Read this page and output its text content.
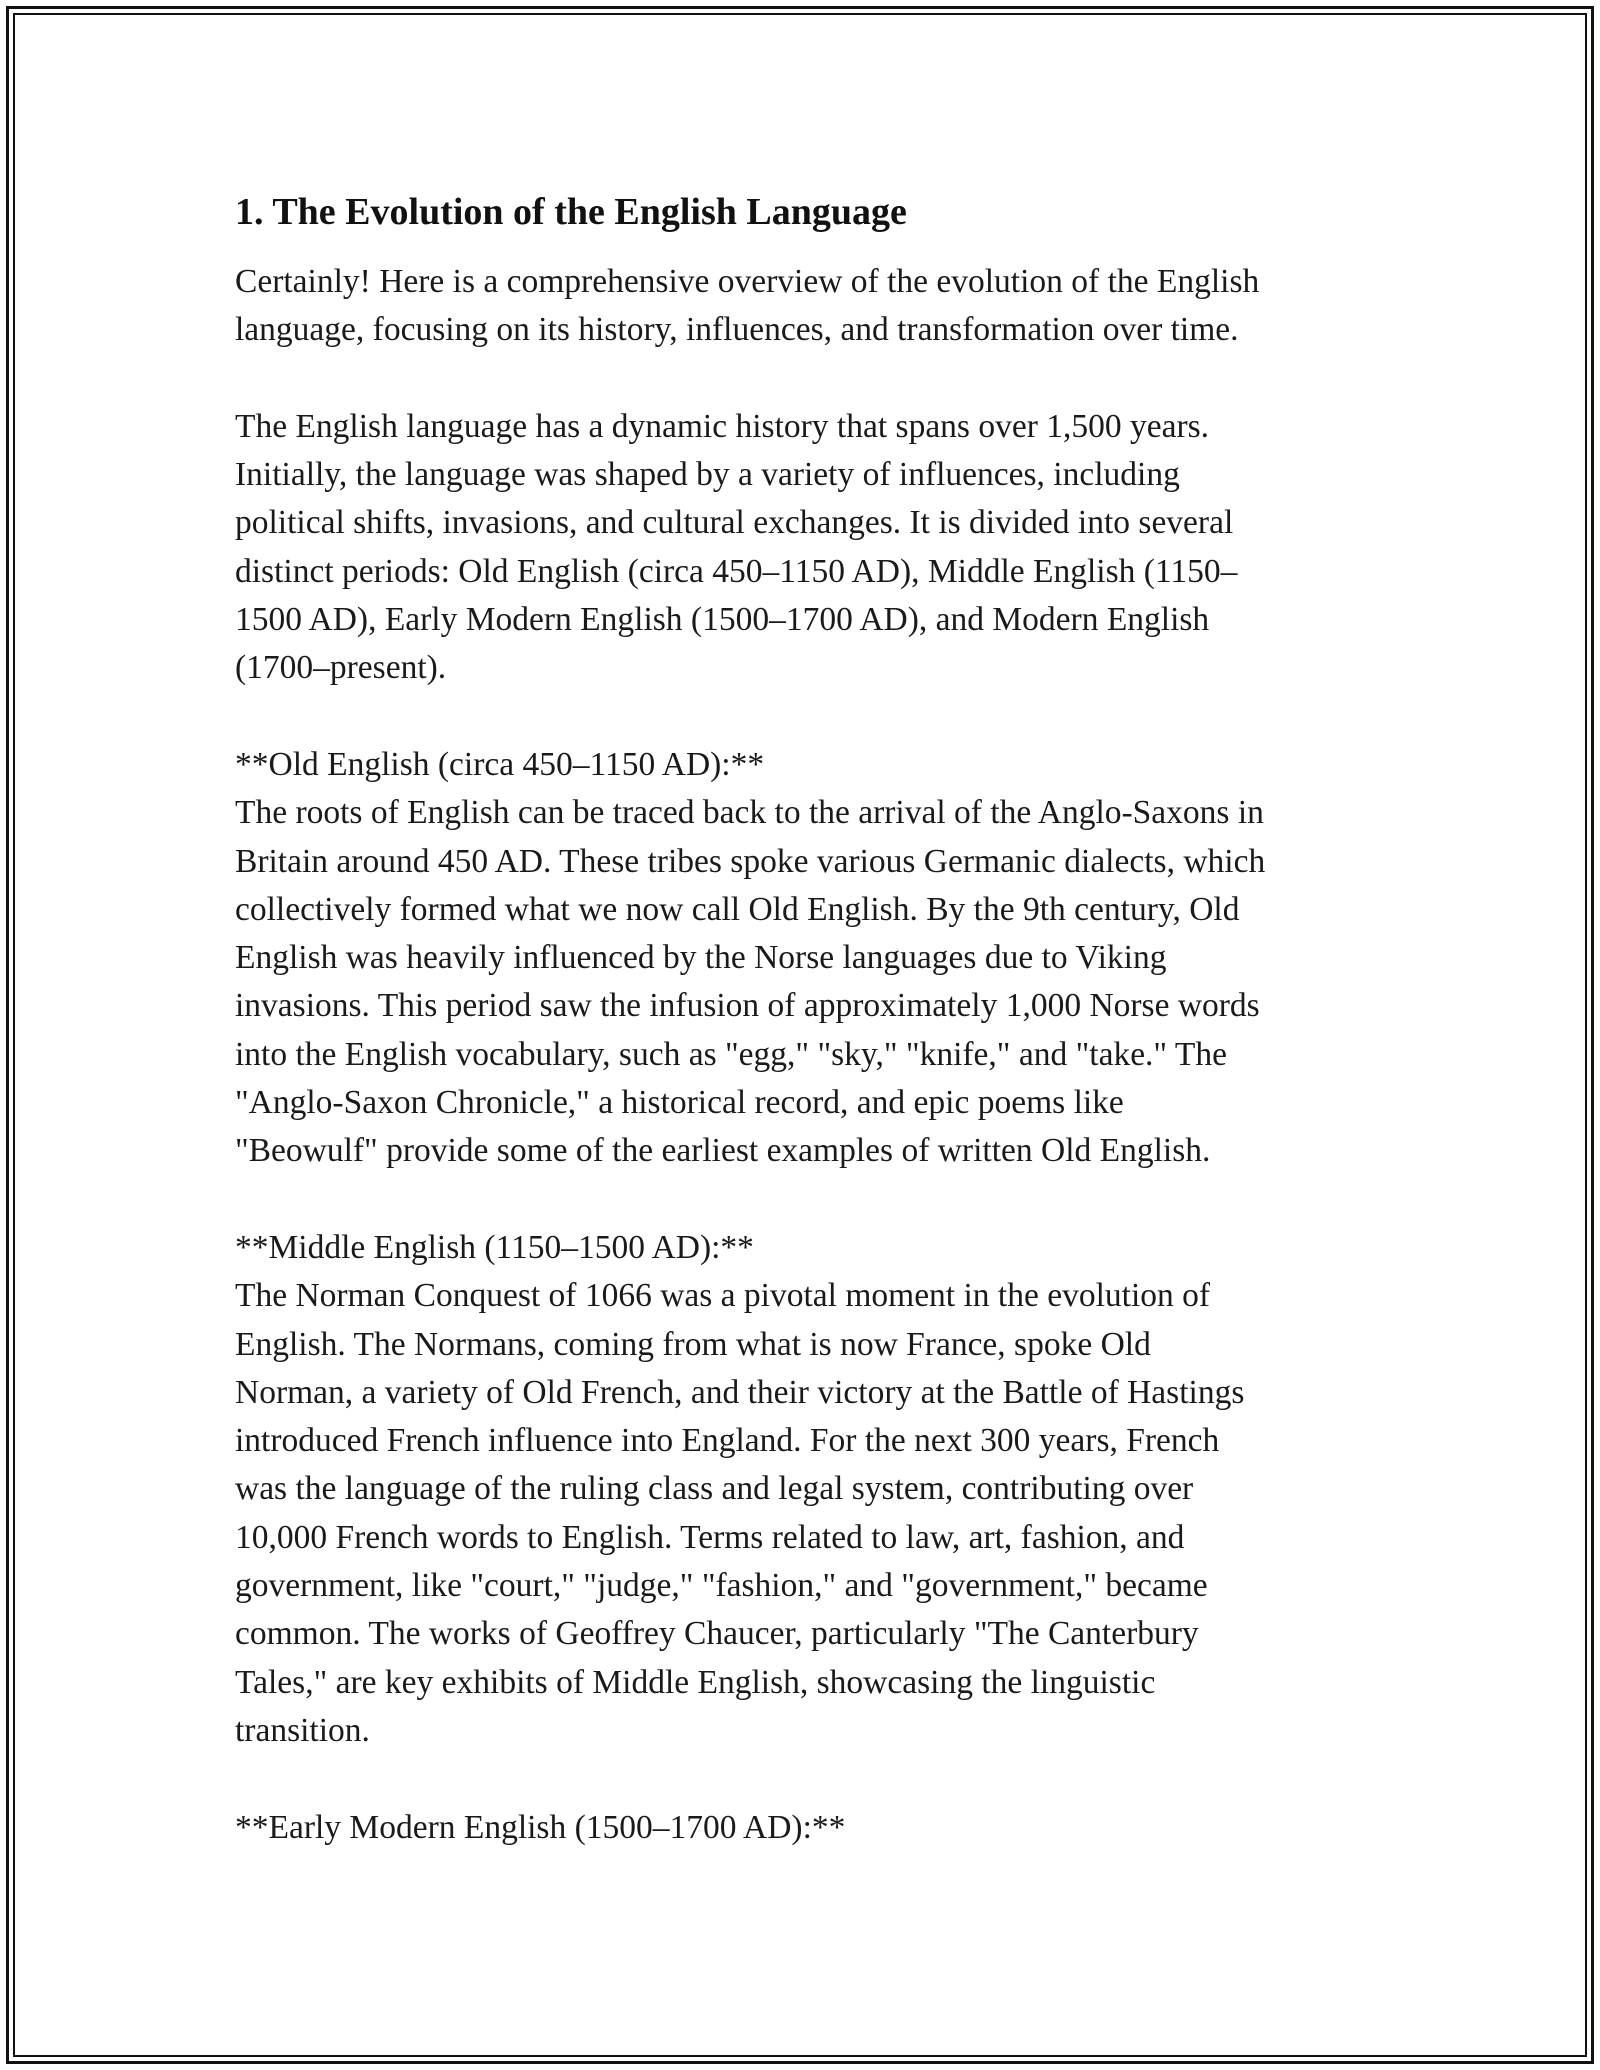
1. The Evolution of the English Language

Certainly! Here is a comprehensive overview of the evolution of the English
language, focusing on its history, influences, and transformation over time.

The English language has a dynamic history that spans over 1,500 years.
Initially, the language was shaped by a variety of influences, including
political shifts, invasions, and cultural exchanges. It is divided into several
distinct periods: Old English (circa 450–1150 AD), Middle English (1150–
1500 AD), Early Modern English (1500–1700 AD), and Modern English
(1700–present).

**Old English (circa 450–1150 AD):**
The roots of English can be traced back to the arrival of the Anglo-Saxons in
Britain around 450 AD. These tribes spoke various Germanic dialects, which
collectively formed what we now call Old English. By the 9th century, Old
English was heavily influenced by the Norse languages due to Viking
invasions. This period saw the infusion of approximately 1,000 Norse words
into the English vocabulary, such as "egg," "sky," "knife," and "take." The
"Anglo-Saxon Chronicle," a historical record, and epic poems like
"Beowulf" provide some of the earliest examples of written Old English.

**Middle English (1150–1500 AD):**
The Norman Conquest of 1066 was a pivotal moment in the evolution of
English. The Normans, coming from what is now France, spoke Old
Norman, a variety of Old French, and their victory at the Battle of Hastings
introduced French influence into England. For the next 300 years, French
was the language of the ruling class and legal system, contributing over
10,000 French words to English. Terms related to law, art, fashion, and
government, like "court," "judge," "fashion," and "government," became
common. The works of Geoffrey Chaucer, particularly "The Canterbury
Tales," are key exhibits of Middle English, showcasing the linguistic
transition.

**Early Modern English (1500–1700 AD):**
